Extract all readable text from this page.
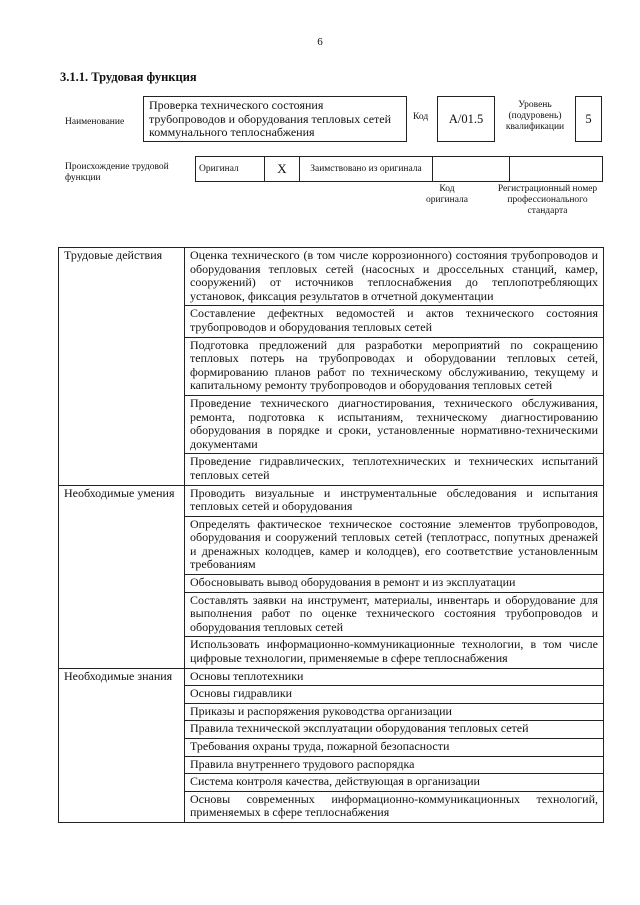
6
3.1.1. Трудовая функция
Наименование
Проверка технического состояния трубопроводов и оборудования тепловых сетей коммунального теплоснабжения
Код	A/01.5
Уровень (подуровень) квалификации
5
Происхождение трудовой функции
Оригинал	X	Заимствовано из оригинала		
Код оригинала
Регистрационный номер профессионального стандарта
Трудовые действия	Оценка технического (в том числе коррозионного) состояния трубопроводов и оборудования тепловых сетей (насосных и дроссельных станций, камер, сооружений) от источников теплоснабжения до теплопотребляющих установок, фиксация результатов в отчетной документации
	Составление дефектных ведомостей и актов технического состояния трубопроводов и оборудования тепловых сетей
	Подготовка предложений для разработки мероприятий по сокращению тепловых потерь на трубопроводах и оборудовании тепловых сетей, формированию планов работ по техническому обслуживанию, текущему и капитальному ремонту трубопроводов и оборудования тепловых сетей
	Проведение технического диагностирования, технического обслуживания, ремонта, подготовка к испытаниям, техническому диагностированию оборудования в порядке и сроки, установленные нормативно-техническими документами
	Проведение гидравлических, теплотехнических и технических испытаний тепловых сетей
Необходимые умения	Проводить визуальные и инструментальные обследования и испытания тепловых сетей и оборудования
	Определять фактическое техническое состояние элементов трубопроводов, оборудования и сооружений тепловых сетей (теплотрасс, попутных дренажей и дренажных колодцев, камер и колодцев), его соответствие установленным требованиям
	Обосновывать вывод оборудования в ремонт и из эксплуатации
	Составлять заявки на инструмент, материалы, инвентарь и оборудование для выполнения работ по оценке технического состояния трубопроводов и оборудования тепловых сетей
	Использовать информационно-коммуникационные технологии, в том числе цифровые технологии, применяемые в сфере теплоснабжения
Необходимые знания	Основы теплотехники
	Основы гидравлики
	Приказы и распоряжения руководства организации
	Правила технической эксплуатации оборудования тепловых сетей
	Требования охраны труда, пожарной безопасности
	Правила внутреннего трудового распорядка
	Система контроля качества, действующая в организации
	Основы современных информационно-коммуникационных технологий, применяемых в сфере теплоснабжения
